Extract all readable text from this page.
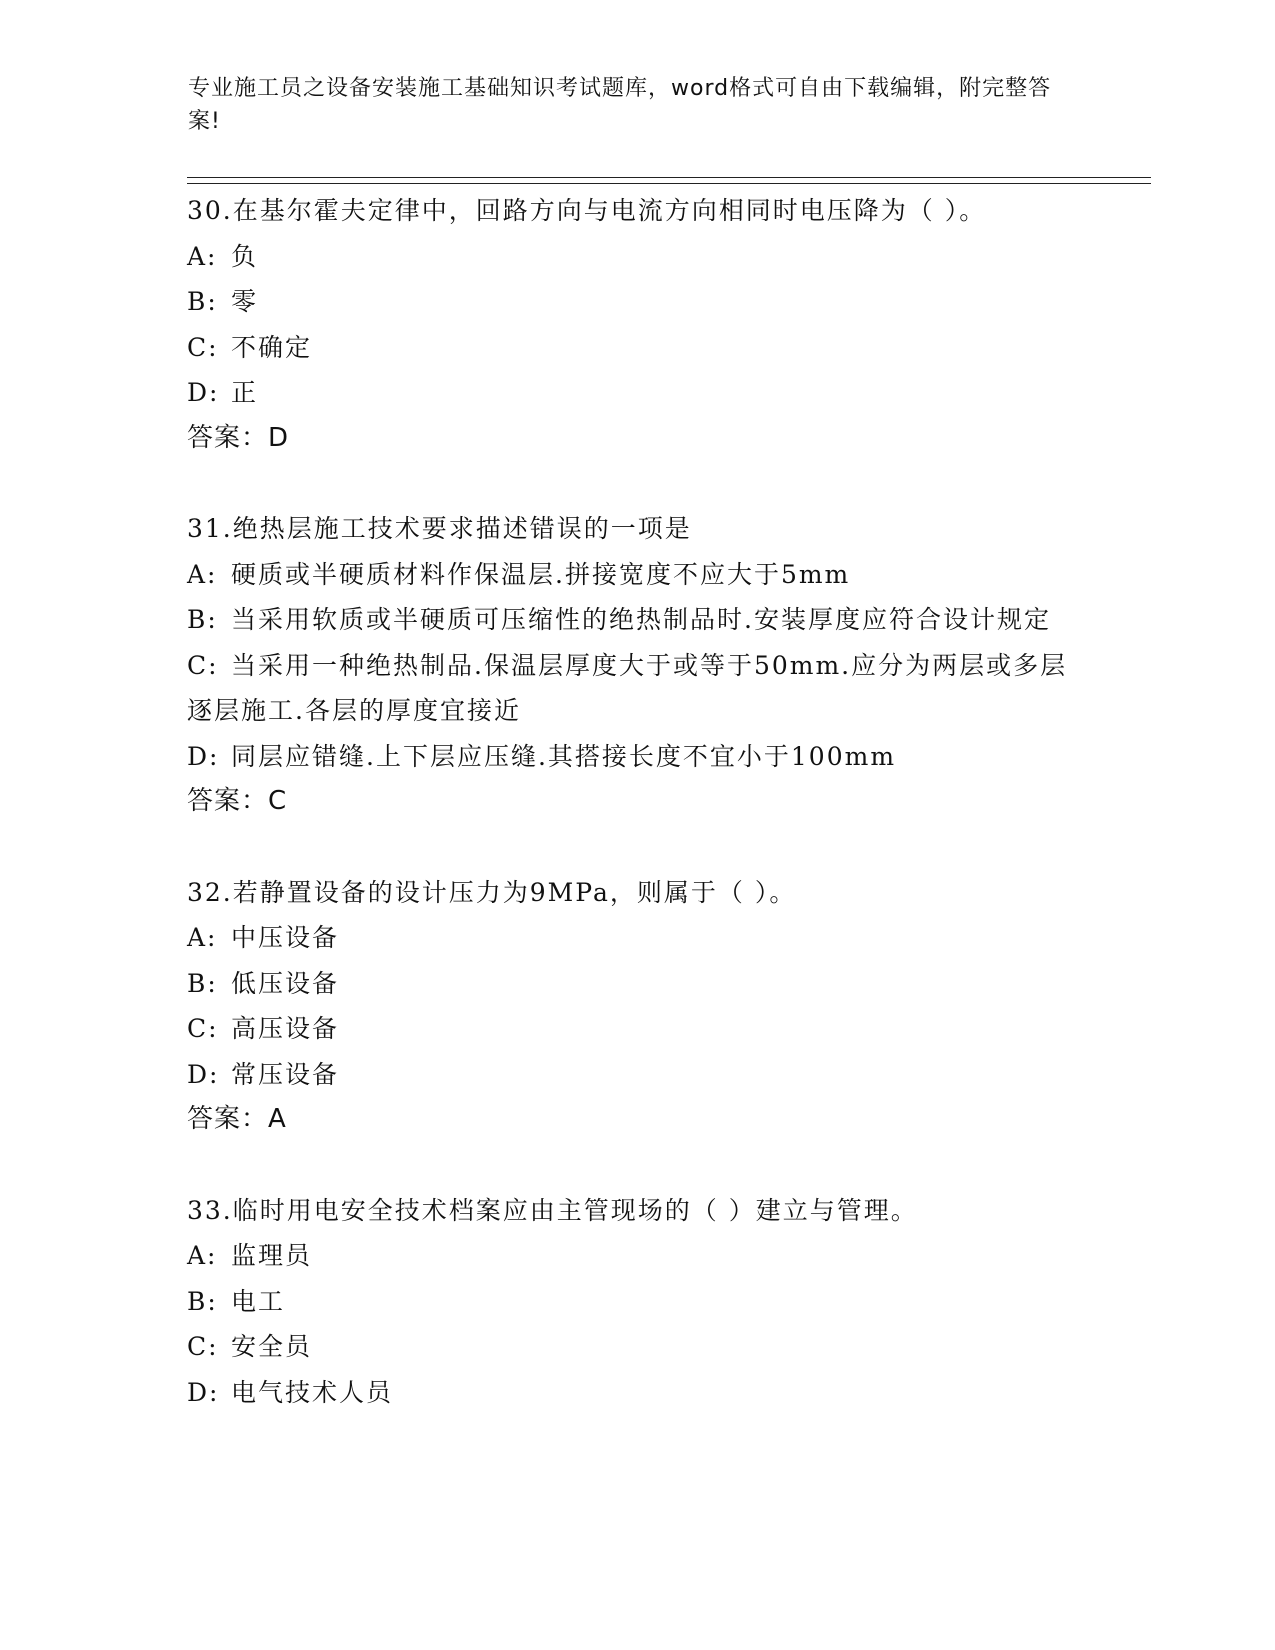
专业施工员之设备安装施工基础知识考试题库，word格式可自由下载编辑，附完整答案!

30.在基尔霍夫定律中，回路方向与电流方向相同时电压降为（ ）。

A: 负

B: 零

C: 不确定

D: 正

答案：D

31.绝热层施工技术要求描述错误的一项是

A: 硬质或半硬质材料作保温层.拼接宽度不应大于5mm

B: 当采用软质或半硬质可压缩性的绝热制品时.安装厚度应符合设计规定

C: 当采用一种绝热制品.保温层厚度大于或等于50mm.应分为两层或多层逐层施工.各层的厚度宜接近

D: 同层应错缝.上下层应压缝.其搭接长度不宜小于100mm

答案：C

32.若静置设备的设计压力为9MPa，则属于（ ）。

A: 中压设备

B: 低压设备

C: 高压设备

D: 常压设备

答案：A

33.临时用电安全技术档案应由主管现场的（ ）建立与管理。

A: 监理员

B: 电工

C: 安全员

D: 电气技术人员
